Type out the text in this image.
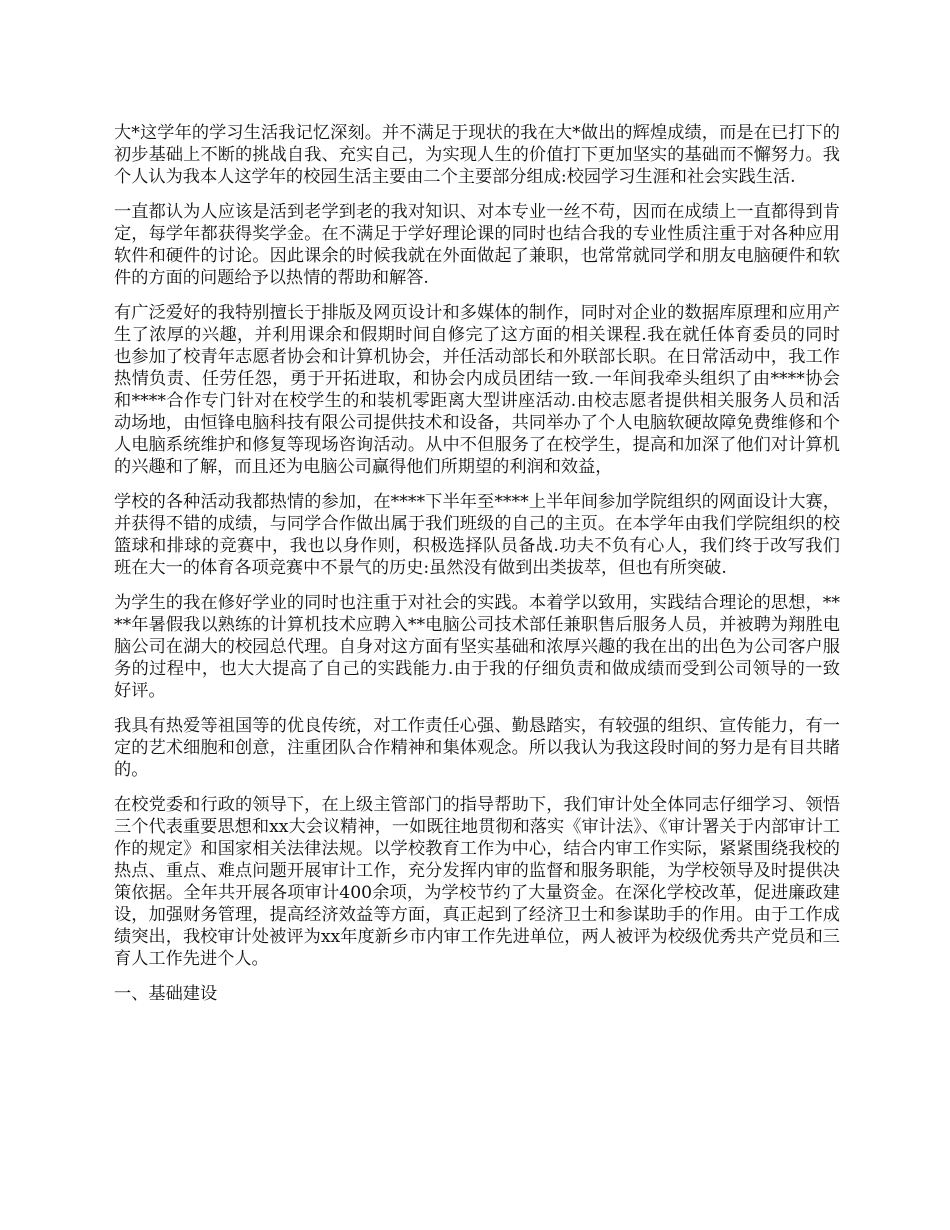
大*这学年的学习生活我记忆深刻。并不满足于现状的我在大*做出的辉煌成绩，而是在已打下的初步基础上不断的挑战自我、充实自己，为实现人生的价值打下更加坚实的基础而不懈努力。我个人认为我本人这学年的校园生活主要由二个主要部分组成:校园学习生涯和社会实践生活.

一直都认为人应该是活到老学到老的我对知识、对本专业一丝不苟，因而在成绩上一直都得到肯定，每学年都获得奖学金。在不满足于学好理论课的同时也结合我的专业性质注重于对各种应用软件和硬件的讨论。因此课余的时候我就在外面做起了兼职，也常常就同学和朋友电脑硬件和软件的方面的问题给予以热情的帮助和解答.

有广泛爱好的我特别擅长于排版及网页设计和多媒体的制作，同时对企业的数据库原理和应用产生了浓厚的兴趣，并利用课余和假期时间自修完了这方面的相关课程.我在就任体育委员的同时也参加了校青年志愿者协会和计算机协会，并任活动部长和外联部长职。在日常活动中，我工作热情负责、任劳任怨，勇于开拓进取，和协会内成员团结一致.一年间我牵头组织了由****协会和****合作专门针对在校学生的和装机零距离大型讲座活动.由校志愿者提供相关服务人员和活动场地，由恒锋电脑科技有限公司提供技术和设备，共同举办了个人电脑软硬故障免费维修和个人电脑系统维护和修复等现场咨询活动。从中不但服务了在校学生，提高和加深了他们对计算机的兴趣和了解，而且还为电脑公司赢得他们所期望的利润和效益，

学校的各种活动我都热情的参加，在****下半年至****上半年间参加学院组织的网面设计大赛， 并获得不错的成绩，与同学合作做出属于我们班级的自己的主页。在本学年由我们学院组织的校篮球和排球的竞赛中，我也以身作则，积极选择队员备战.功夫不负有心人，我们终于改写我们班在大一的体育各项竞赛中不景气的历史:虽然没有做到出类拔萃，但也有所突破.

为学生的我在修好学业的同时也注重于对社会的实践。本着学以致用，实践结合理论的思想，****年暑假我以熟练的计算机技术应聘入**电脑公司技术部任兼职售后服务人员，并被聘为翔胜电脑公司在湖大的校园总代理。自身对这方面有坚实基础和浓厚兴趣的我在出的出色为公司客户服务的过程中，也大大提高了自己的实践能力.由于我的仔细负责和做成绩而受到公司领导的一致好评。

我具有热爱等祖国等的优良传统，对工作责任心强、勤恳踏实，有较强的组织、宣传能力，有一定的艺术细胞和创意，注重团队合作精神和集体观念。所以我认为我这段时间的努力是有目共睹的。

在校党委和行政的领导下，在上级主管部门的指导帮助下，我们审计处全体同志仔细学习、领悟三个代表重要思想和xx大会议精神，一如既往地贯彻和落实《审计法》、《审计署关于内部审计工作的规定》和国家相关法律法规。以学校教育工作为中心，结合内审工作实际，紧紧围绕我校的热点、重点、难点问题开展审计工作，充分发挥内审的监督和服务职能，为学校领导及时提供决策依据。全年共开展各项审计400余项，为学校节约了大量资金。在深化学校改革，促进廉政建设，加强财务管理，提高经济效益等方面，真正起到了经济卫士和参谋助手的作用。由于工作成绩突出，我校审计处被评为xx年度新乡市内审工作先进单位，两人被评为校级优秀共产党员和三育人工作先进个人。

一、基础建设
